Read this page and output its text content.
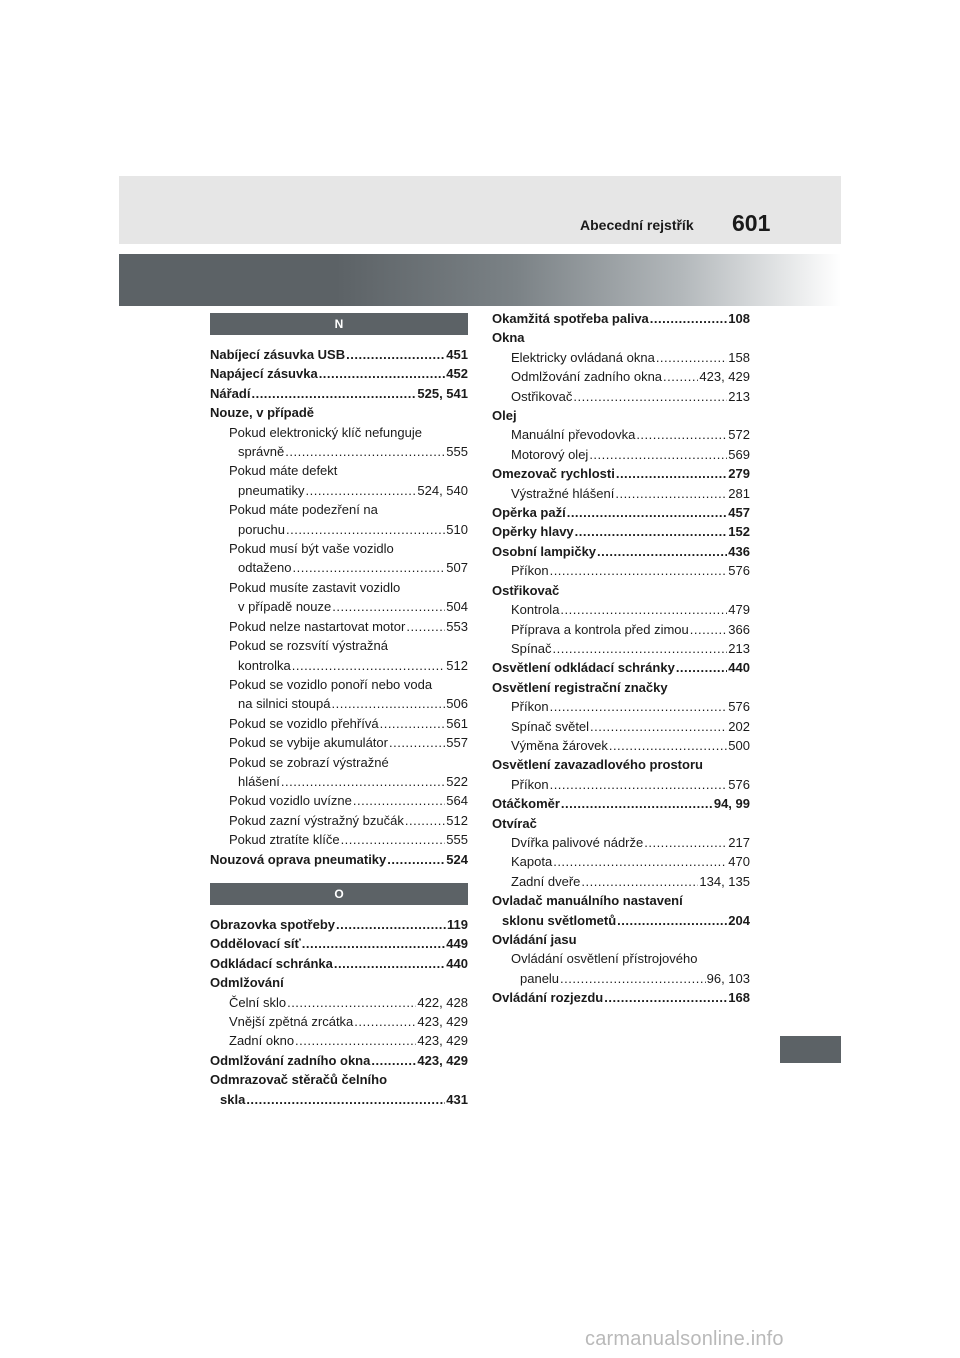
Abecední rejstřík 601
N
Nabíjecí zásuvka USB .....	451
Napájecí zásuvka .....	452
Nářadí .....	525, 541
Nouze, v případě
Pokud elektronický klíč nefunguje
správně .....	555
Pokud máte defekt
pneumatiky .....	524, 540
Pokud máte podezření na
poruchu .....	510
Pokud musí být vaše vozidlo
odtaženo .....	507
Pokud musíte zastavit vozidlo
v případě nouze .....	504
Pokud nelze nastartovat motor .....	553
Pokud se rozsvítí výstražná
kontrolka .....	512
Pokud se vozidlo ponoří nebo voda
na silnici stoupá .....	506
Pokud se vozidlo přehřívá .....	561
Pokud se vybije akumulátor .....	557
Pokud se zobrazí výstražné
hlášení .....	522
Pokud vozidlo uvízne .....	564
Pokud zazní výstražný bzučák .....	512
Pokud ztratíte klíče .....	555
Nouzová oprava pneumatiky .....	524
O
Obrazovka spotřeby .....	119
Oddělovací síť .....	449
Odkládací schránka .....	440
Odmlžování
Čelní sklo .....	422, 428
Vnější zpětná zrcátka .....	423, 429
Zadní okno .....	423, 429
Odmlžování zadního okna .....	423, 429
Odmrazovač stěračů čelního
skla .....	431
Okamžitá spotřeba paliva .....	108
Okna
Elektricky ovládaná okna .....	158
Odmlžování zadního okna .....	423, 429
Ostřikovač .....	213
Olej
Manuální převodovka .....	572
Motorový olej .....	569
Omezovač rychlosti .....	279
Výstražné hlášení .....	281
Opěrka paží .....	457
Opěrky hlavy .....	152
Osobní lampičky .....	436
Příkon .....	576
Ostřikovač
Kontrola .....	479
Příprava a kontrola před zimou .....	366
Spínač .....	213
Osvětlení odkládací schránky .....	440
Osvětlení registrační značky
Příkon .....	576
Spínač světel .....	202
Výměna žárovek .....	500
Osvětlení zavazadlového prostoru
Příkon .....	576
Otáčkoměr .....	94, 99
Otvírač
Dvířka palivové nádrže .....	217
Kapota .....	470
Zadní dveře .....	134, 135
Ovladač manuálního nastavení
sklonu světlometů .....	204
Ovládání jasu
Ovládání osvětlení přístrojového
panelu .....	96, 103
Ovládání rozjezdu .....	168
carmanualsonline.info
